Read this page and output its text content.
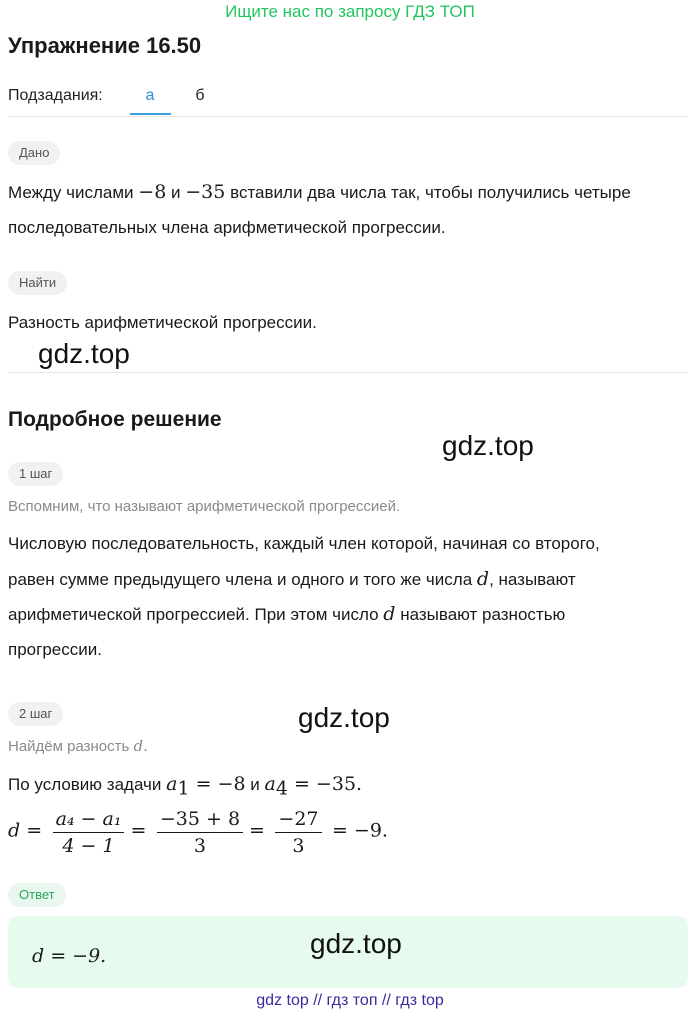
Ищите нас по запросу ГДЗ ТОП
Упражнение 16.50
Подзадания:	а	б
Дано
Между числами −8 и −35 вставили два числа так, чтобы получились четыре
последовательных члена арифметической прогрессии.
Найти
Разность арифметической прогрессии.
gdz.top
Подробное решение
gdz.top
1 шаг
Вспомним, что называют арифметической прогрессией.
Числовую последовательность, каждый член которой, начиная со второго,
равен сумме предыдущего члена и одного и того же числа d, называют
арифметической прогрессией. При этом число d называют разностью
прогрессии.
2 шаг	gdz.top
Найдём разность d.
По условию задачи $a_1 = -8$ и $a_4 = -35$.
$d = \frac{\text{a₄ − a₁}}{4 - 1} = \frac{-35 + 8}{3} = \frac{-27}{3} = -9$.
Ответ
d = −9.	gdz.top
gdz top // гдз топ // гдз top
